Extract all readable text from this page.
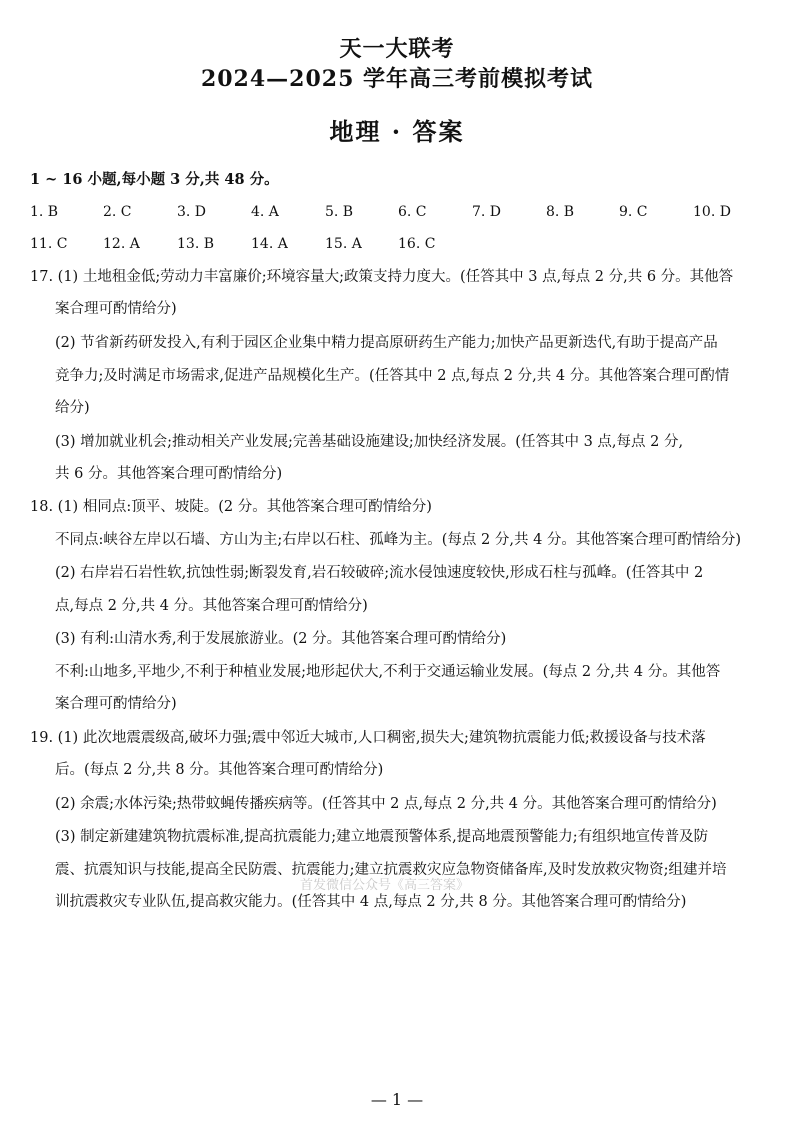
天一大联考
2024—2025 学年高三考前模拟考试
地理 · 答案
1 ~ 16 小题,每小题 3 分,共 48 分。
1. B	2. C	3. D	4. A	5. B	6. C	7. D	8. B	9. C	10. D
11. C	12. A	13. B	14. A	15. A	16. C
17. (1) 土地租金低;劳动力丰富廉价;环境容量大;政策支持力度大。(任答其中 3 点,每点 2 分,共 6 分。其他答
案合理可酌情给分)
(2) 节省新药研发投入,有利于园区企业集中精力提高原研药生产能力;加快产品更新迭代,有助于提高产品
竞争力;及时满足市场需求,促进产品规模化生产。(任答其中 2 点,每点 2 分,共 4 分。其他答案合理可酌情
给分)
(3) 增加就业机会;推动相关产业发展;完善基础设施建设;加快经济发展。(任答其中 3 点,每点 2 分,
共 6 分。其他答案合理可酌情给分)
18. (1) 相同点:顶平、坡陡。(2 分。其他答案合理可酌情给分)
不同点:峡谷左岸以石墙、方山为主;右岸以石柱、孤峰为主。(每点 2 分,共 4 分。其他答案合理可酌情给分)
(2) 右岸岩石岩性软,抗蚀性弱;断裂发育,岩石较破碎;流水侵蚀速度较快,形成石柱与孤峰。(任答其中 2
点,每点 2 分,共 4 分。其他答案合理可酌情给分)
(3) 有利:山清水秀,利于发展旅游业。(2 分。其他答案合理可酌情给分)
不利:山地多,平地少,不利于种植业发展;地形起伏大,不利于交通运输业发展。(每点 2 分,共 4 分。其他答
案合理可酌情给分)
19. (1) 此次地震震级高,破坏力强;震中邻近大城市,人口稠密,损失大;建筑物抗震能力低;救援设备与技术落
后。(每点 2 分,共 8 分。其他答案合理可酌情给分)
(2) 余震;水体污染;热带蚊蝇传播疾病等。(任答其中 2 点,每点 2 分,共 4 分。其他答案合理可酌情给分)
(3) 制定新建建筑物抗震标准,提高抗震能力;建立地震预警体系,提高地震预警能力;有组织地宣传普及防
震、抗震知识与技能,提高全民防震、抗震能力;建立抗震救灾应急物资储备库,及时发放救灾物资;组建并培
训抗震救灾专业队伍,提高救灾能力。(任答其中 4 点,每点 2 分,共 8 分。其他答案合理可酌情给分)
首发微信公众号《高三答案》
— 1 —
